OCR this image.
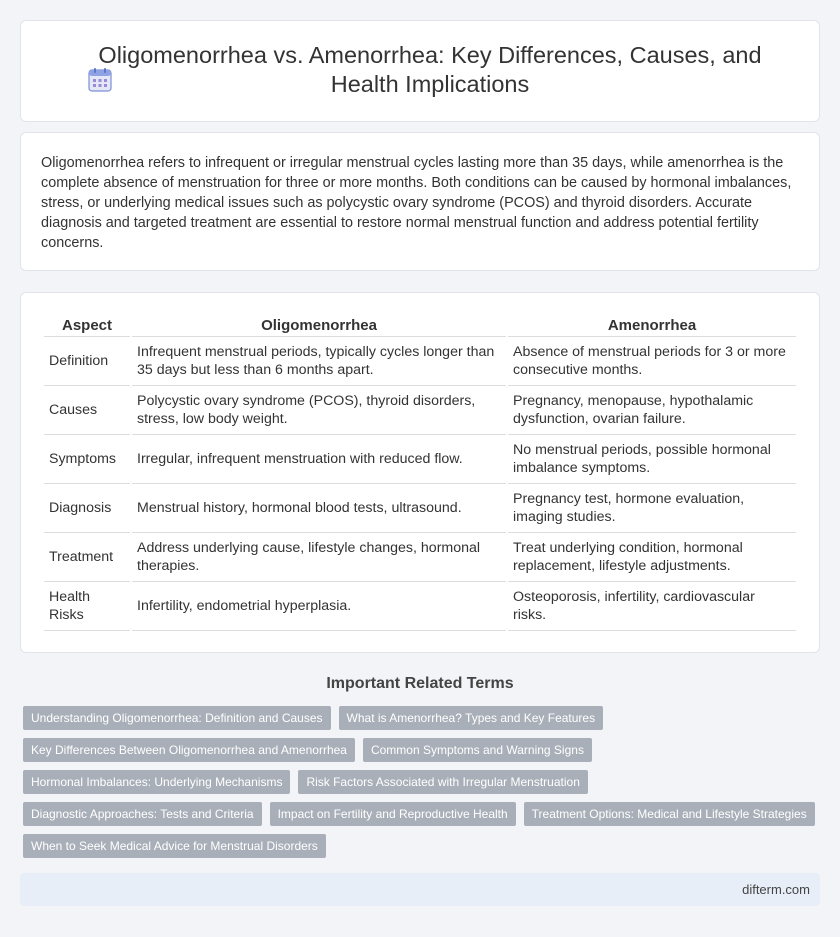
Oligomenorrhea vs. Amenorrhea: Key Differences, Causes, and Health Implications

Oligomenorrhea refers to infrequent or irregular menstrual cycles lasting more than 35 days, while amenorrhea is the complete absence of menstruation for three or more months. Both conditions can be caused by hormonal imbalances, stress, or underlying medical issues such as polycystic ovary syndrome (PCOS) and thyroid disorders. Accurate diagnosis and targeted treatment are essential to restore normal menstrual function and address potential fertility concerns.

Aspect	Oligomenorrhea	Amenorrhea
Definition	Infrequent menstrual periods, typically cycles longer than 35 days but less than 6 months apart.	Absence of menstrual periods for 3 or more consecutive months.
Causes	Polycystic ovary syndrome (PCOS), thyroid disorders, stress, low body weight.	Pregnancy, menopause, hypothalamic dysfunction, ovarian failure.
Symptoms	Irregular, infrequent menstruation with reduced flow.	No menstrual periods, possible hormonal imbalance symptoms.
Diagnosis	Menstrual history, hormonal blood tests, ultrasound.	Pregnancy test, hormone evaluation, imaging studies.
Treatment	Address underlying cause, lifestyle changes, hormonal therapies.	Treat underlying condition, hormonal replacement, lifestyle adjustments.
Health Risks	Infertility, endometrial hyperplasia.	Osteoporosis, infertility, cardiovascular risks.
Important Related Terms
Understanding Oligomenorrhea: Definition and Causes	What is Amenorrhea? Types and Key Features
Key Differences Between Oligomenorrhea and Amenorrhea	Common Symptoms and Warning Signs
Hormonal Imbalances: Underlying Mechanisms	Risk Factors Associated with Irregular Menstruation
Diagnostic Approaches: Tests and Criteria	Impact on Fertility and Reproductive Health	Treatment Options: Medical and Lifestyle Strategies
When to Seek Medical Advice for Menstrual Disorders
difterm.com
